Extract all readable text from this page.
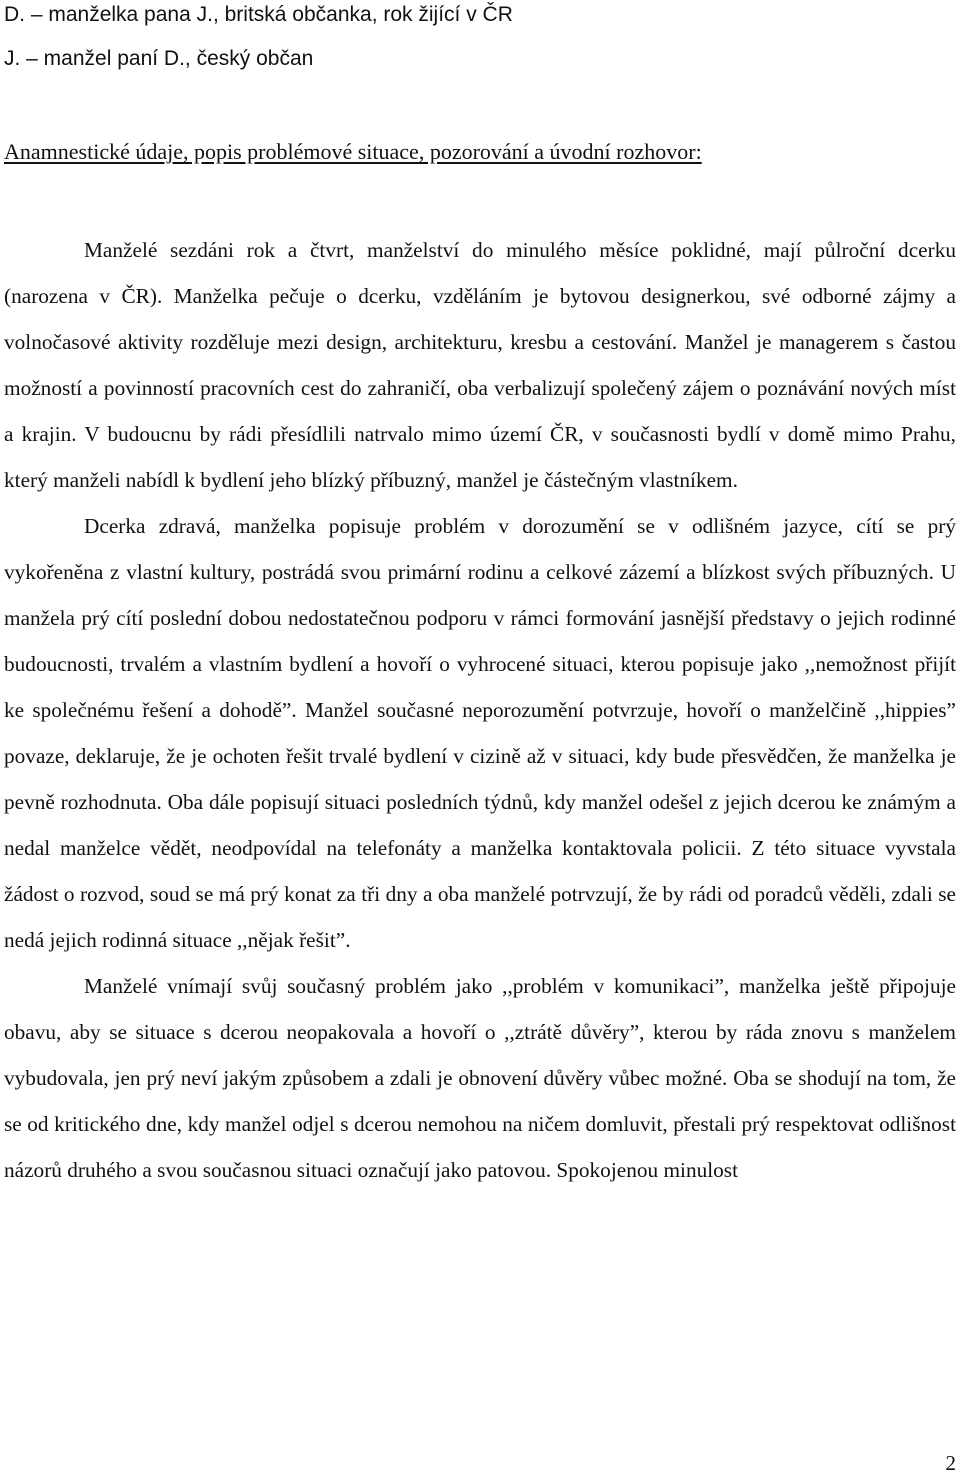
D. – manželka pana J., britská občanka, rok žijící v ČR
J. – manžel paní D., český občan
Anamnestické údaje, popis problémové situace, pozorování a úvodní rozhovor:

Manželé sezdáni rok a čtvrt, manželství do minulého měsíce poklidné, mají půlroční dcerku (narozena v ČR). Manželka pečuje o dcerku, vzděláním je bytovou designerkou, své odborné zájmy a volnočasové aktivity rozděluje mezi design, architekturu, kresbu a cestování. Manžel je managerem s častou možností a povinností pracovních cest do zahraničí, oba verbalizují společený zájem o poznávání nových míst a krajin. V budoucnu by rádi přesídlili natrvalo mimo území ČR, v současnosti bydlí v domě mimo Prahu, který manželi nabídl k bydlení jeho blízký příbuzný, manžel je částečným vlastníkem.

Dcerka zdravá, manželka popisuje problém v dorozumění se v odlišném jazyce, cítí se prý vykořeněna z vlastní kultury, postrádá svou primární rodinu a celkové zázemí a blízkost svých příbuzných. U manžela prý cítí poslední dobou nedostatečnou podporu v rámci formování jasnější představy o jejich rodinné budoucnosti, trvalém a vlastním bydlení a hovoří o vyhrocené situaci, kterou popisuje jako ,,nemožnost přijít ke společnému řešení a dohodě”. Manžel současné neporozumění potvrzuje, hovoří o manželčině ,,hippies” povaze, deklaruje, že je ochoten řešit trvalé bydlení v cizině až v situaci, kdy bude přesvědčen, že manželka je pevně rozhodnuta. Oba dále popisují situaci posledních týdnů, kdy manžel odešel z jejich dcerou ke známým a nedal manželce vědět, neodpovídal na telefonáty a manželka kontaktovala policii. Z této situace vyvstala žádost o rozvod, soud se má prý konat za tři dny a oba manželé potrvzují, že by rádi od poradců věděli, zdali se nedá jejich rodinná situace ,,nějak řešit”.

Manželé vnímají svůj současný problém jako ,,problém v komunikaci”, manželka ještě připojuje obavu, aby se situace s dcerou neopakovala a hovoří o ,,ztrátě důvěry”, kterou by ráda znovu s manželem vybudovala, jen prý neví jakým způsobem a zdali je obnovení důvěry vůbec možné. Oba se shodují na tom, že se od kritického dne, kdy manžel odjel s dcerou nemohou na ničem domluvit, přestali prý respektovat odlišnost názorů druhého a svou současnou situaci označují jako patovou. Spokojenou minulost

2
